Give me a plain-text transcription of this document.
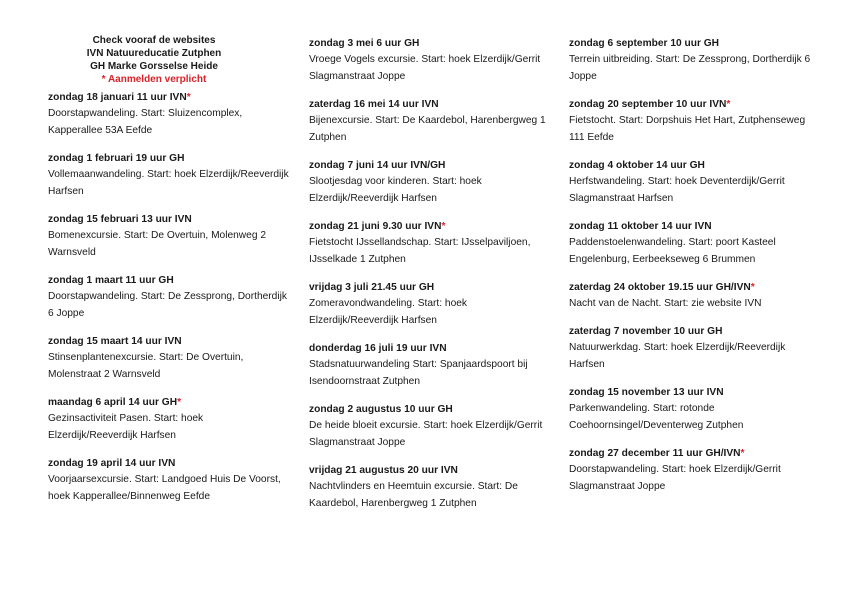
Check vooraf de websites
IVN Natuureducatie Zutphen
GH Marke Gorsselse Heide
* Aanmelden verplicht
zondag 18 januari 11 uur IVN*
Doorstapwandeling. Start: Sluizencomplex, Kapperallee 53A Eefde
zondag 1 februari 19 uur GH
Vollemaanwandeling. Start: hoek Elzerdijk/Reeverdijk Harfsen
zondag 15 februari 13 uur IVN
Bomenexcursie. Start: De Overtuin, Molenweg 2 Warnsveld
zondag 1 maart 11 uur GH
Doorstapwandeling. Start: De Zessprong, Dortherdijk 6 Joppe
zondag 15 maart 14 uur IVN
Stinsenplantenexcursie. Start: De Overtuin, Molenstraat 2 Warnsveld
maandag 6 april 14 uur GH*
Gezinsactiviteit Pasen. Start: hoek Elzerdijk/Reeverdijk Harfsen
zondag 19 april 14 uur IVN
Voorjaarsexcursie. Start: Landgoed Huis De Voorst, hoek Kapperallee/Binnenweg Eefde
zondag 3 mei 6 uur GH
Vroege Vogels excursie. Start: hoek Elzerdijk/Gerrit Slagmanstraat Joppe
zaterdag 16 mei 14 uur IVN
Bijenexcursie. Start: De Kaardebol, Harenbergweg 1 Zutphen
zondag 7 juni 14 uur IVN/GH
Slootjesdag voor kinderen. Start: hoek Elzerdijk/Reeverdijk Harfsen
zondag 21 juni 9.30 uur IVN*
Fietstocht IJssellandschap. Start: IJsselpaviljoen, IJsselkade 1 Zutphen
vrijdag 3 juli 21.45 uur GH
Zomeravondwandeling. Start: hoek Elzerdijk/Reeverdijk Harfsen
donderdag 16 juli 19 uur IVN
Stadsnatuurwandeling Start: Spanjaardspoort bij Isendoornstraat Zutphen
zondag 2 augustus 10 uur GH
De heide bloeit excursie. Start: hoek Elzerdijk/Gerrit Slagmanstraat Joppe
vrijdag 21 augustus 20 uur IVN
Nachtvlinders en Heemtuin excursie. Start: De Kaardebol, Harenbergweg 1 Zutphen
zondag 6 september 10 uur GH
Terrein uitbreiding. Start: De Zessprong, Dortherdijk 6 Joppe
zondag 20 september 10 uur IVN*
Fietstocht. Start: Dorpshuis Het Hart, Zutphenseweg 111 Eefde
zondag 4 oktober 14 uur GH
Herfstwandeling. Start: hoek Deventerdijk/Gerrit Slagmanstraat Harfsen
zondag 11 oktober 14 uur IVN
Paddenstoelenwandeling. Start: poort Kasteel Engelenburg, Eerbeekseweg 6 Brummen
zaterdag 24 oktober 19.15 uur GH/IVN*
Nacht van de Nacht. Start: zie website IVN
zaterdag 7 november 10 uur GH
Natuurwerkdag. Start: hoek Elzerdijk/Reeverdijk Harfsen
zondag 15 november 13 uur IVN
Parkenwandeling. Start: rotonde Coehoornsingel/Deventerweg Zutphen
zondag 27 december 11 uur GH/IVN*
Doorstapwandeling. Start: hoek Elzerdijk/Gerrit Slagmanstraat Joppe
